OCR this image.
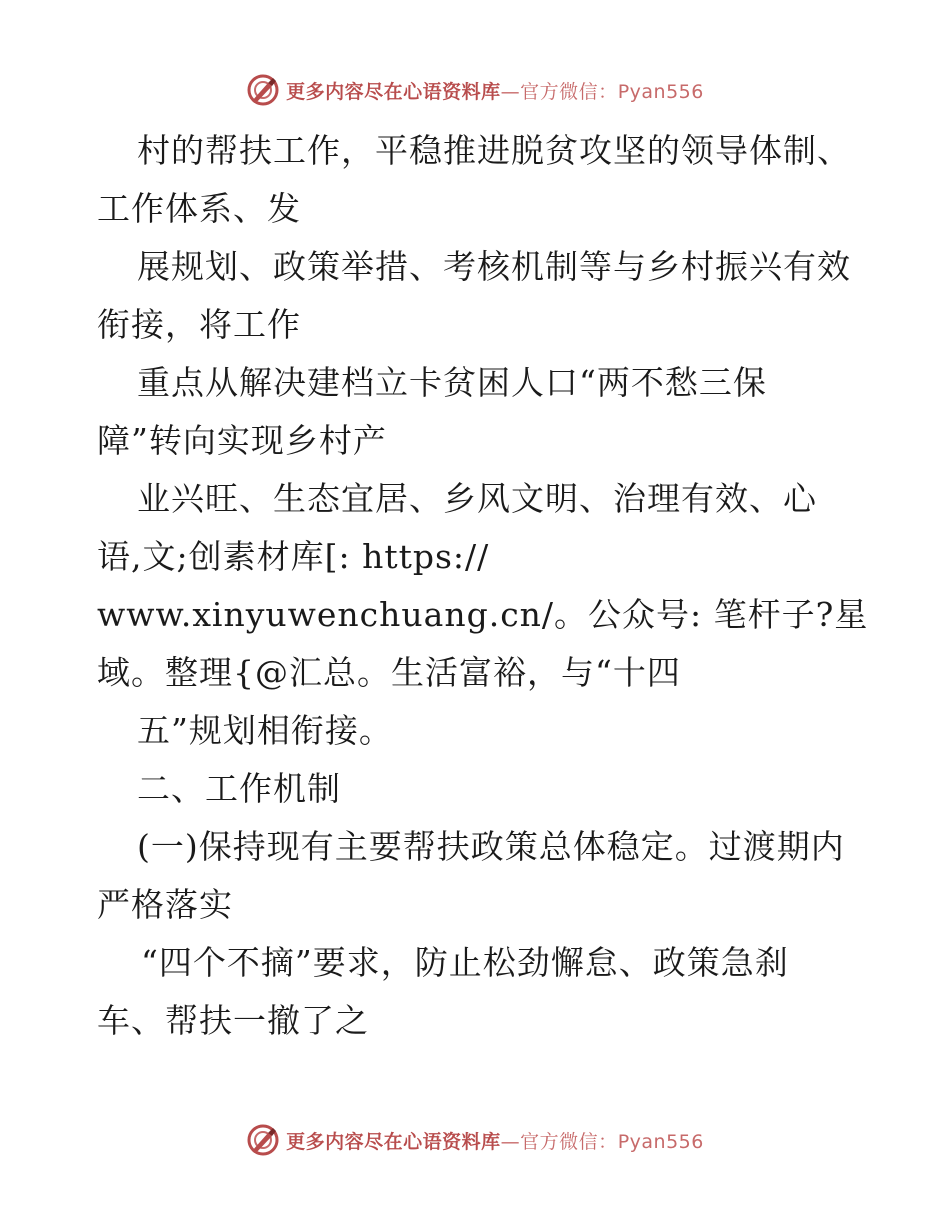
更多内容尽在心语资料库—官方微信：Pyan556
村的帮扶工作，平稳推进脱贫攻坚的领导体制、
工作体系、发
展规划、政策举措、考核机制等与乡村振兴有效
衔接，将工作
重点从解决建档立卡贫困人口“两不愁三保
障”转向实现乡村产
业兴旺、生态宜居、乡风文明、治理有效、心
语,文;创素材库[: https://
www.xinyuwenchuang.cn/。公众号: 笔杆子?星
域。整理{@汇总。生活富裕，与“十四
五”规划相衔接。
二、工作机制
(一)保持现有主要帮扶政策总体稳定。过渡期内
严格落实
“四个不摘”要求，防止松劲懈怠、政策急刹
车、帮扶一撤了之
更多内容尽在心语资料库—官方微信：Pyan556
